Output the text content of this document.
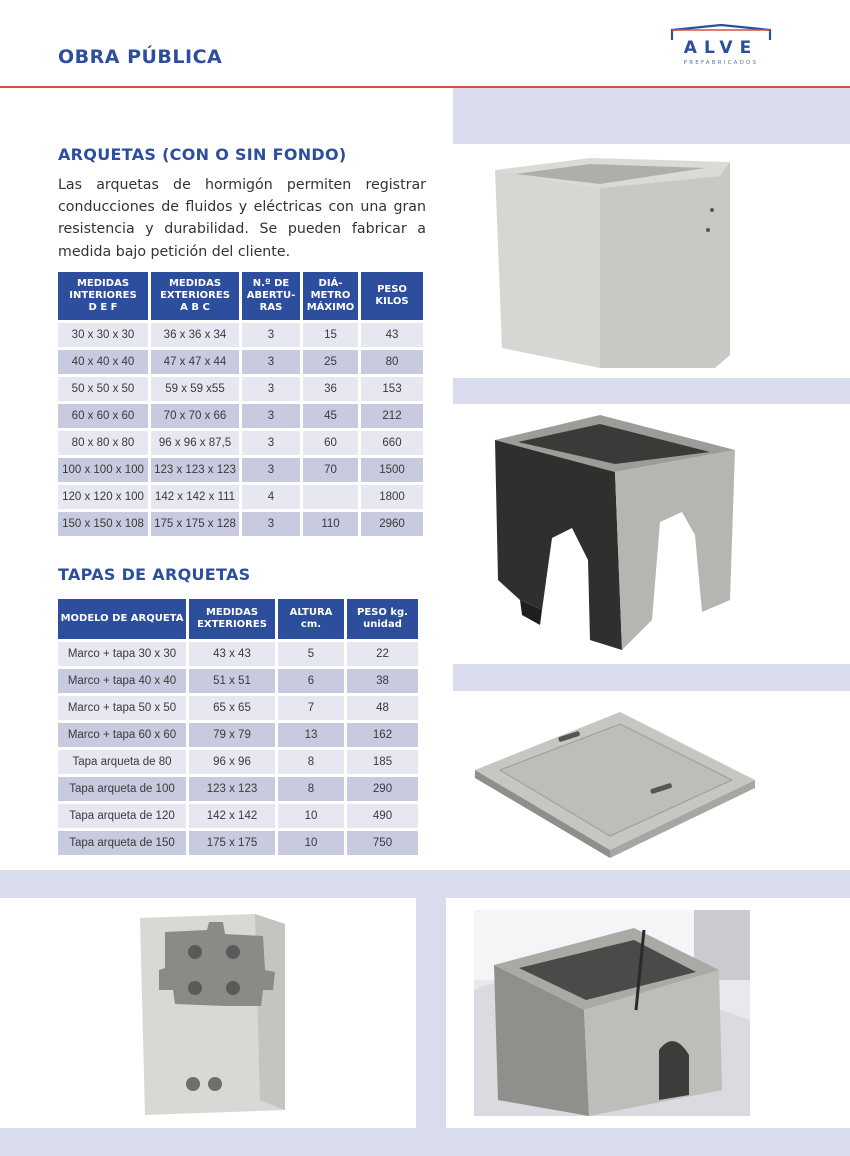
OBRA PÚBLICA	ALVE
PREFABRICADOS
ARQUETAS (CON O SIN FONDO)

Las arquetas de hormigón permiten registrar conducciones de fluidos y eléctricas con una gran resistencia y durabilidad. Se pueden fabricar a medida bajo petición del cliente.

MEDIDAS
INTERIORES
D E F	MEDIDAS
EXTERIORES
A B C	N.º DE
ABERTU-
RAS	DIÁ-
METRO
MÁXIMO	PESO
KILOS

30 x 30 x 30	36 x 36 x 34	3	15	43
40 x 40 x 40	47 x 47 x 44	3	25	80
50 x 50 x 50	59 x 59 x55	3	36	153
60 x 60 x 60	70 x 70 x 66	3	45	212
80 x 80 x 80	96 x 96 x 87,5	3	60	660
100 x 100 x 100	123 x 123 x 123	3	70	1500
120 x 120 x 100	142 x 142 x 111	4		1800
150 x 150 x 108	175 x 175 x 128	3	110	2960
TAPAS DE ARQUETAS
MODELO DE ARQUETA	MEDIDAS
EXTERIORES	ALTURA
cm.	PESO kg.
unidad

Marco + tapa 30 x 30	43 x 43	5	22
Marco + tapa 40 x 40	51 x 51	6	38
Marco + tapa 50 x 50	65 x 65	7	48
Marco + tapa 60 x 60	79 x 79	13	162
Tapa arqueta de 80	96 x 96	8	185
Tapa arqueta de 100	123 x 123	8	290
Tapa arqueta de 120	142 x 142	10	490
Tapa arqueta de 150	175 x 175	10	750
